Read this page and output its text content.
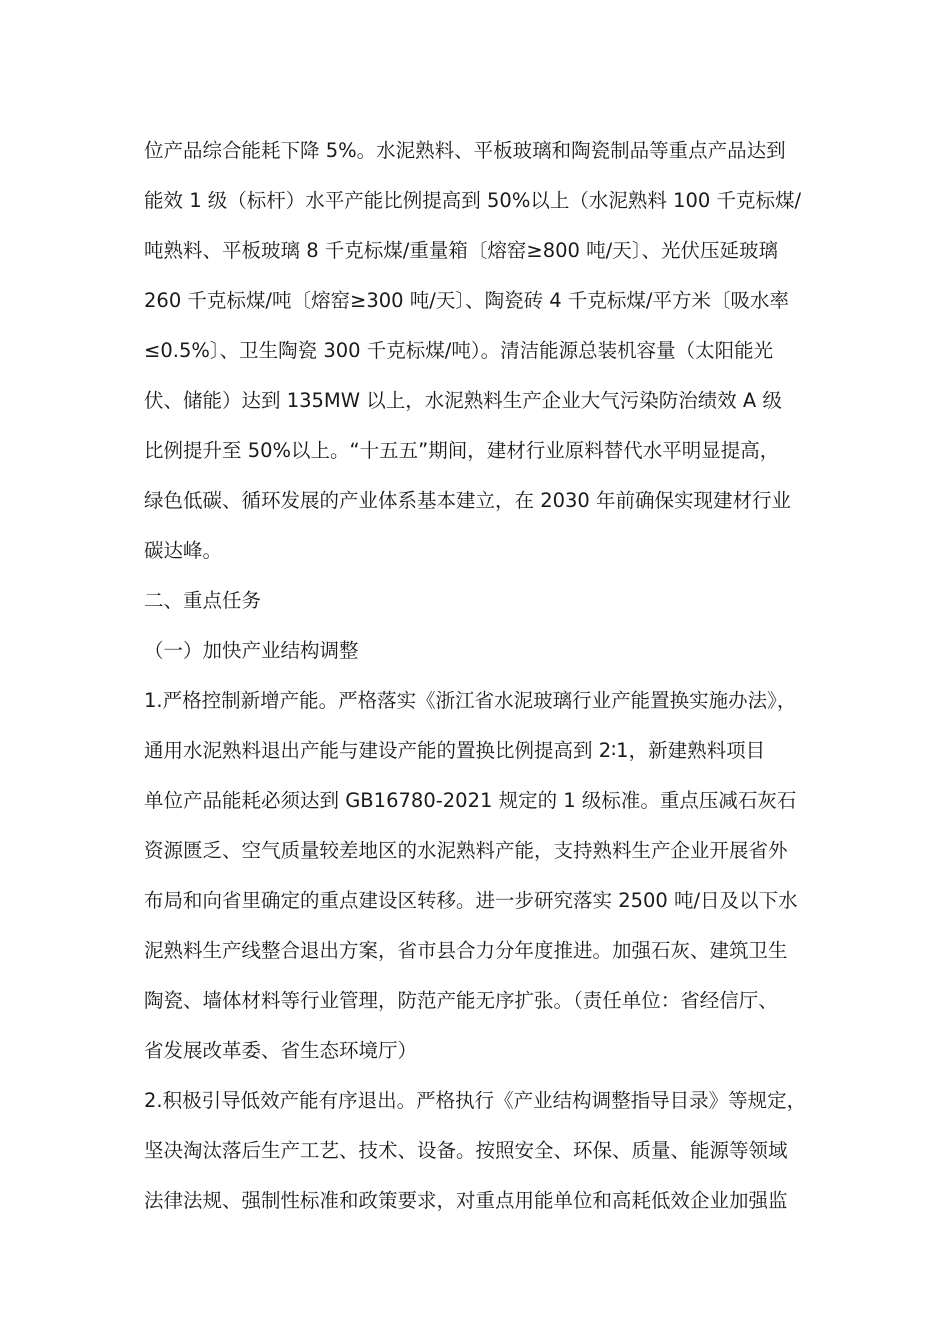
位产品综合能耗下降 5%。水泥熟料、平板玻璃和陶瓷制品等重点产品达到
能效 1 级（标杆）水平产能比例提高到 50%以上（水泥熟料 100 千克标煤/
吨熟料、平板玻璃 8 千克标煤/重量箱〔熔窑≥800 吨/天〕、光伏压延玻璃
260 千克标煤/吨〔熔窑≥300 吨/天〕、陶瓷砖 4 千克标煤/平方米〔吸水率
≤0.5%〕、卫生陶瓷 300 千克标煤/吨）。清洁能源总装机容量（太阳能光
伏、储能）达到 135MW 以上，水泥熟料生产企业大气污染防治绩效 A 级
比例提升至 50%以上。“十五五”期间，建材行业原料替代水平明显提高，
绿色低碳、循环发展的产业体系基本建立，在 2030 年前确保实现建材行业
碳达峰。
二、重点任务
（一）加快产业结构调整
1.严格控制新增产能。严格落实《浙江省水泥玻璃行业产能置换实施办法》，
通用水泥熟料退出产能与建设产能的置换比例提高到 2∶1，新建熟料项目
单位产品能耗必须达到 GB16780-2021 规定的 1 级标准。重点压减石灰石
资源匮乏、空气质量较差地区的水泥熟料产能，支持熟料生产企业开展省外
布局和向省里确定的重点建设区转移。进一步研究落实 2500 吨/日及以下水
泥熟料生产线整合退出方案，省市县合力分年度推进。加强石灰、建筑卫生
陶瓷、墙体材料等行业管理，防范产能无序扩张。（责任单位：省经信厅、
省发展改革委、省生态环境厅）
2.积极引导低效产能有序退出。严格执行《产业结构调整指导目录》等规定，
坚决淘汰落后生产工艺、技术、设备。按照安全、环保、质量、能源等领域
法律法规、强制性标准和政策要求，对重点用能单位和高耗低效企业加强监
